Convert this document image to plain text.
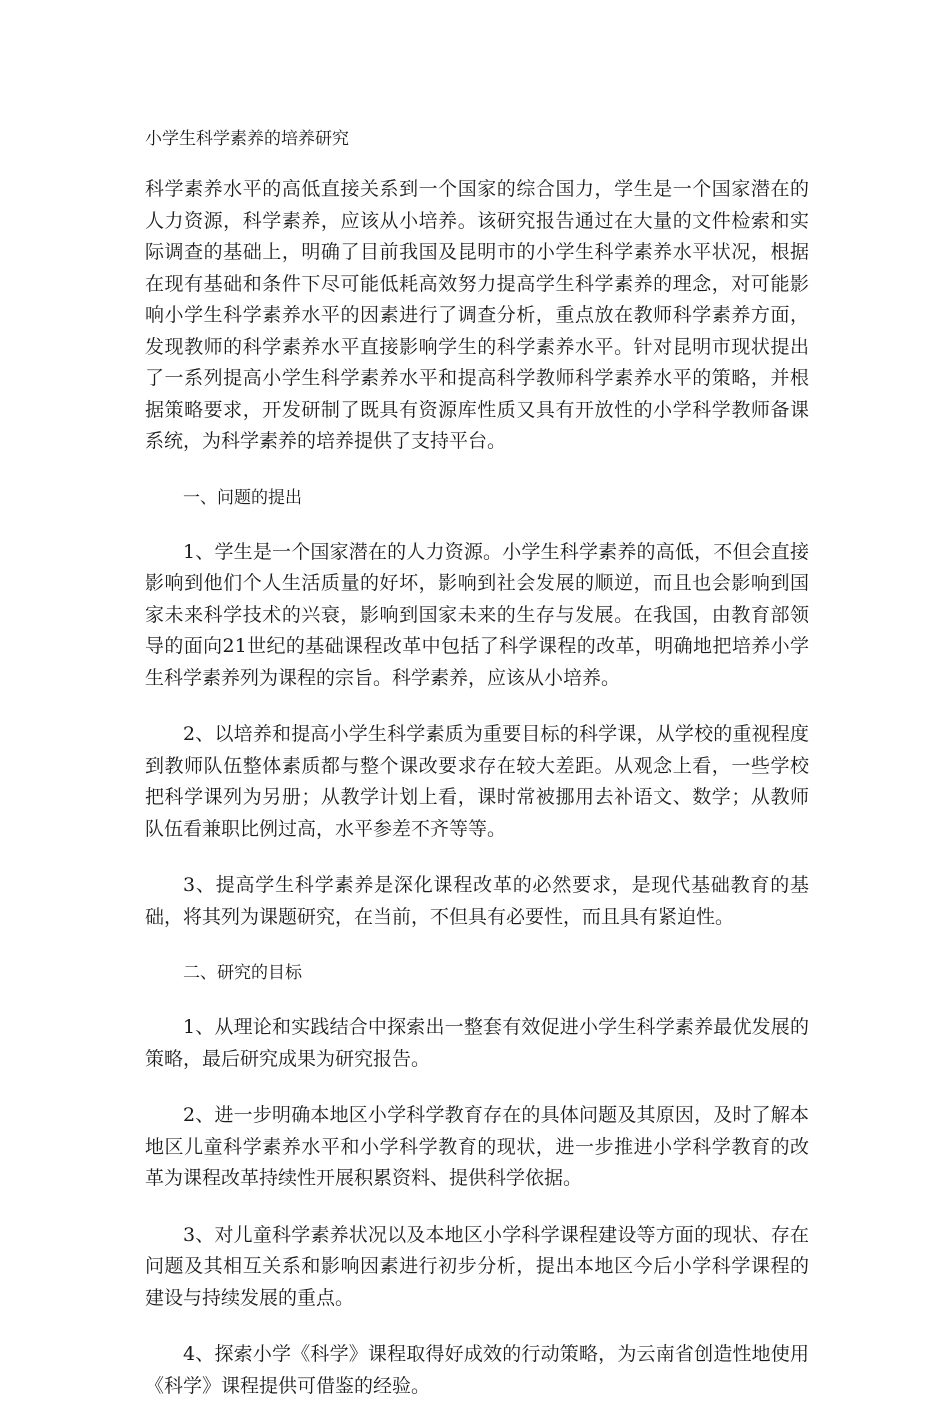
小学生科学素养的培养研究

科学素养水平的高低直接关系到一个国家的综合国力，学生是一个国家潜在的人力资源，科学素养，应该从小培养。该研究报告通过在大量的文件检索和实际调查的基础上，明确了目前我国及昆明市的小学生科学素养水平状况，根据在现有基础和条件下尽可能低耗高效努力提高学生科学素养的理念，对可能影响小学生科学素养水平的因素进行了调查分析，重点放在教师科学素养方面，发现教师的科学素养水平直接影响学生的科学素养水平。针对昆明市现状提出了一系列提高小学生科学素养水平和提高科学教师科学素养水平的策略，并根据策略要求，开发研制了既具有资源库性质又具有开放性的小学科学教师备课系统，为科学素养的培养提供了支持平台。

一、问题的提出

1、学生是一个国家潜在的人力资源。小学生科学素养的高低，不但会直接影响到他们个人生活质量的好坏，影响到社会发展的顺逆，而且也会影响到国家未来科学技术的兴衰，影响到国家未来的生存与发展。在我国，由教育部领导的面向21世纪的基础课程改革中包括了科学课程的改革，明确地把培养小学生科学素养列为课程的宗旨。科学素养，应该从小培养。

2、以培养和提高小学生科学素质为重要目标的科学课，从学校的重视程度到教师队伍整体素质都与整个课改要求存在较大差距。从观念上看，一些学校把科学课列为另册；从教学计划上看，课时常被挪用去补语文、数学；从教师队伍看兼职比例过高，水平参差不齐等等。

3、提高学生科学素养是深化课程改革的必然要求，是现代基础教育的基础，将其列为课题研究，在当前，不但具有必要性，而且具有紧迫性。

二、研究的目标

1、从理论和实践结合中探索出一整套有效促进小学生科学素养最优发展的策略，最后研究成果为研究报告。

2、进一步明确本地区小学科学教育存在的具体问题及其原因，及时了解本地区儿童科学素养水平和小学科学教育的现状，进一步推进小学科学教育的改革为课程改革持续性开展积累资料、提供科学依据。

3、对儿童科学素养状况以及本地区小学科学课程建设等方面的现状、存在问题及其相互关系和影响因素进行初步分析，提出本地区今后小学科学课程的建设与持续发展的重点。

4、探索小学《科学》课程取得好成效的行动策略，为云南省创造性地使用《科学》课程提供可借鉴的经验。
